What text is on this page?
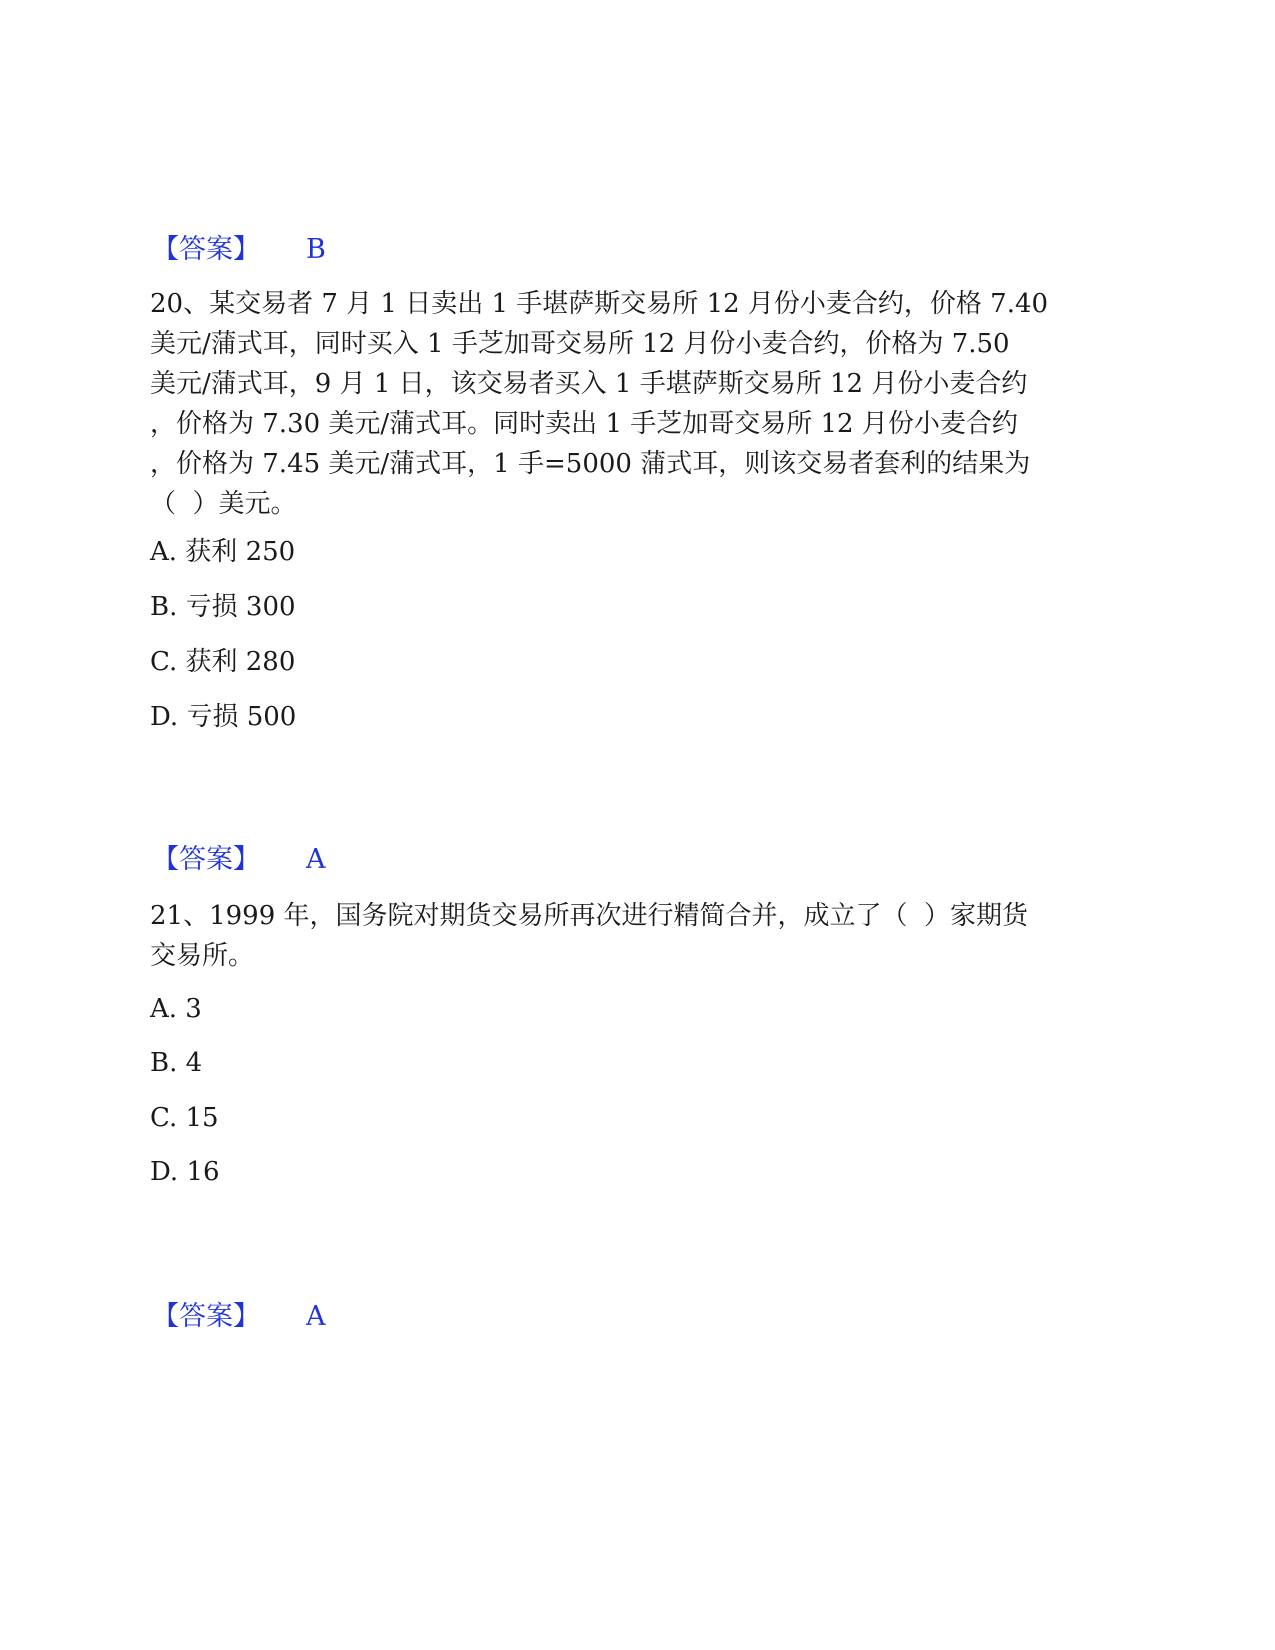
【答案】 B
20、某交易者 7 月 1 日卖出 1 手堪萨斯交易所 12 月份小麦合约，价格 7.40
美元/蒲式耳，同时买入 1 手芝加哥交易所 12 月份小麦合约，价格为 7.50
美元/蒲式耳，9 月 1 日，该交易者买入 1 手堪萨斯交易所 12 月份小麦合约
，价格为 7.30 美元/蒲式耳。同时卖出 1 手芝加哥交易所 12 月份小麦合约
，价格为 7.45 美元/蒲式耳，1 手=5000 蒲式耳，则该交易者套利的结果为
（  ）美元。
A. 获利 250
B. 亏损 300
C. 获利 280
D. 亏损 500
【答案】 A
21、1999 年，国务院对期货交易所再次进行精简合并，成立了（  ）家期货
交易所。
A. 3
B. 4
C. 15
D. 16
【答案】 A
